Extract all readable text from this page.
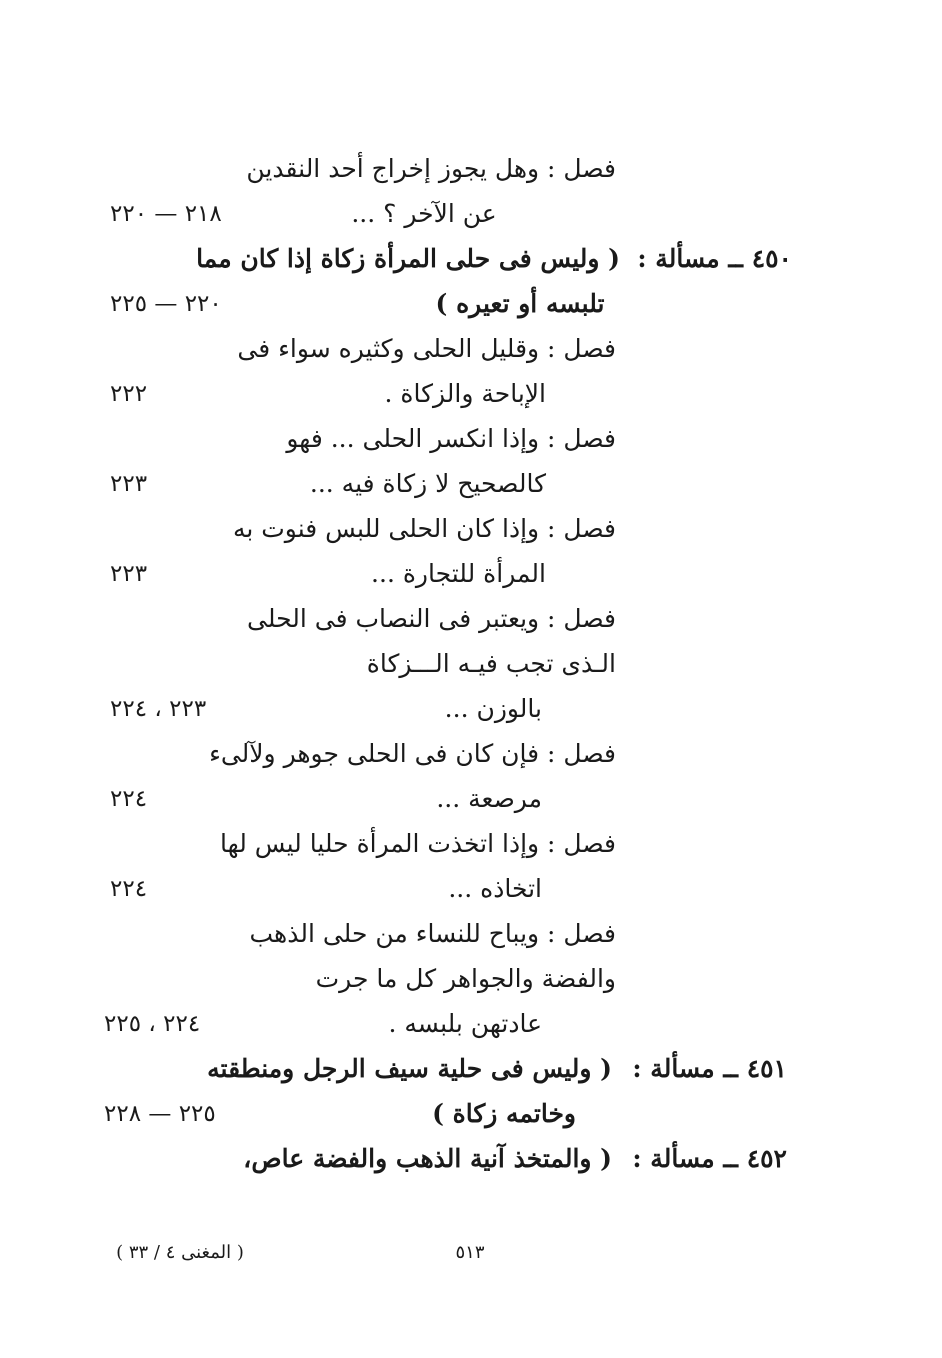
فصل : وهل يجوز إخراج أحد النقدين
عن الآخر ؟ ...
٢١٨ — ٢٢٠
٤٥٠ ــ مسألة :
( وليس فى حلى المرأة زكاة إذا كان مما
تلبسه أو تعيره )
٢٢٠ — ٢٢٥
فصل : وقليل الحلى وكثيره سواء فى
الإباحة والزكاة .
٢٢٢
فصل : وإذا انكسر الحلى ... فهو
كالصحيح لا زكاة فيه ...
٢٢٣
فصل : وإذا كان الحلى للبس فنوت به
المرأة للتجارة ...
٢٢٣
فصل : ويعتبر فى النصاب فى الحلى
الـذى تجب فيـه الـــزكاة
بالوزن ...
٢٢٣ ، ٢٢٤
فصل : فإن كان فى الحلى جوهر ولآلىء
مرصعة ...
٢٢٤
فصل : وإذا اتخذت المرأة حليا ليس لها
اتخاذه ...
٢٢٤
فصل : ويباح للنساء من حلى الذهب
والفضة والجواهر كل ما جرت
عادتهن بلبسه .
٢٢٤ ، ٢٢٥
٤٥١ ــ مسألة :
( وليس فى حلية سيف الرجل ومنطقته
وخاتمه زكاة )
٢٢٥ — ٢٢٨
٤٥٢ ــ مسألة :
( والمتخذ آنية الذهب والفضة عاص،
٥١٣
( المغنى ٤ / ٣٣ )
